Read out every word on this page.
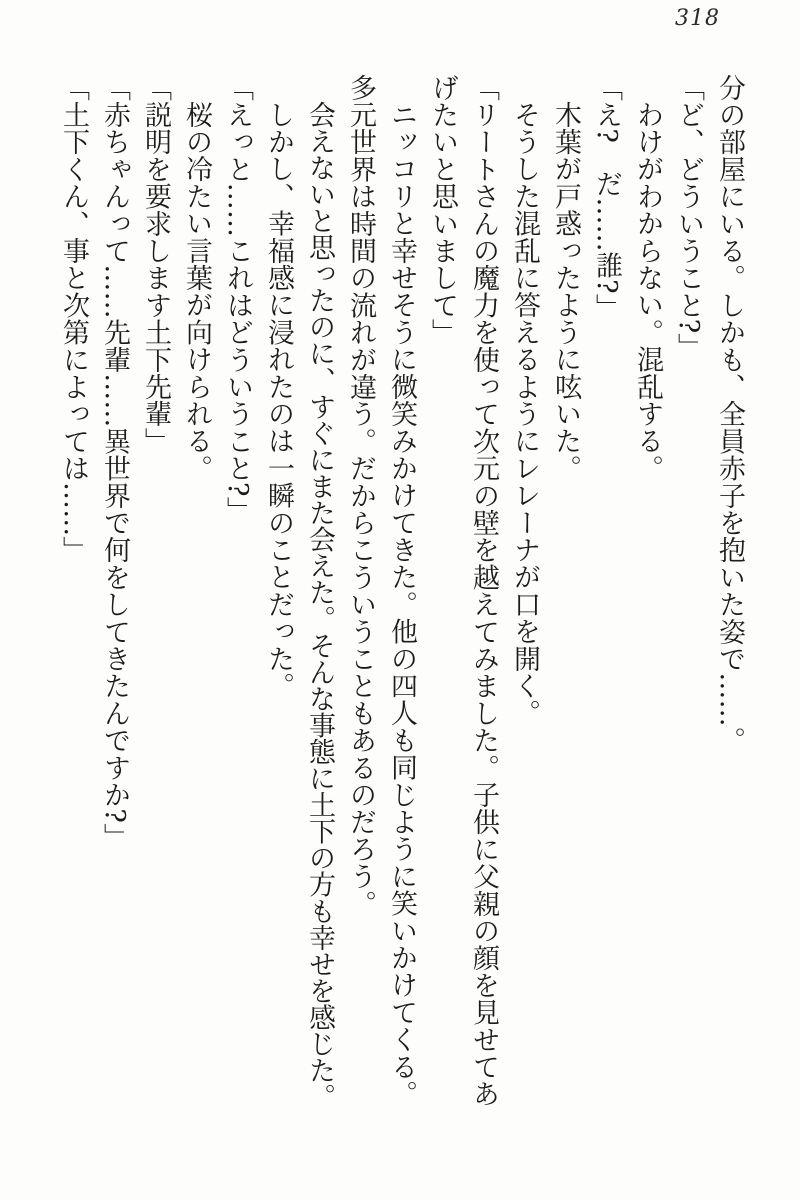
318

分の部屋にいる。しかも、全員赤子を抱いた姿で……。

「ど、どういうこと?」

わけがわからない。混乱する。

「え?　だ……誰?」

木葉が戸惑ったように呟いた。

そうした混乱に答えるようにレレーナが口を開く。

「リートさんの魔力を使って次元の壁を越えてみました。子供に父親の顔を見せてあげたいと思いまして」

ニッコリと幸せそうに微笑みかけてきた。他の四人も同じように笑いかけてくる。多元世界は時間の流れが違う。だからこういうこともあるのだろう。

会えないと思ったのに、すぐにまた会えた。そんな事態に土下の方も幸せを感じた。

しかし、幸福感に浸れたのは一瞬のことだった。

「えっと……これはどういうこと?」

桜の冷たい言葉が向けられる。

「説明を要求します土下先輩」

「赤ちゃんって……先輩……異世界で何をしてきたんですか?」

「土下くん、事と次第によっては……」
